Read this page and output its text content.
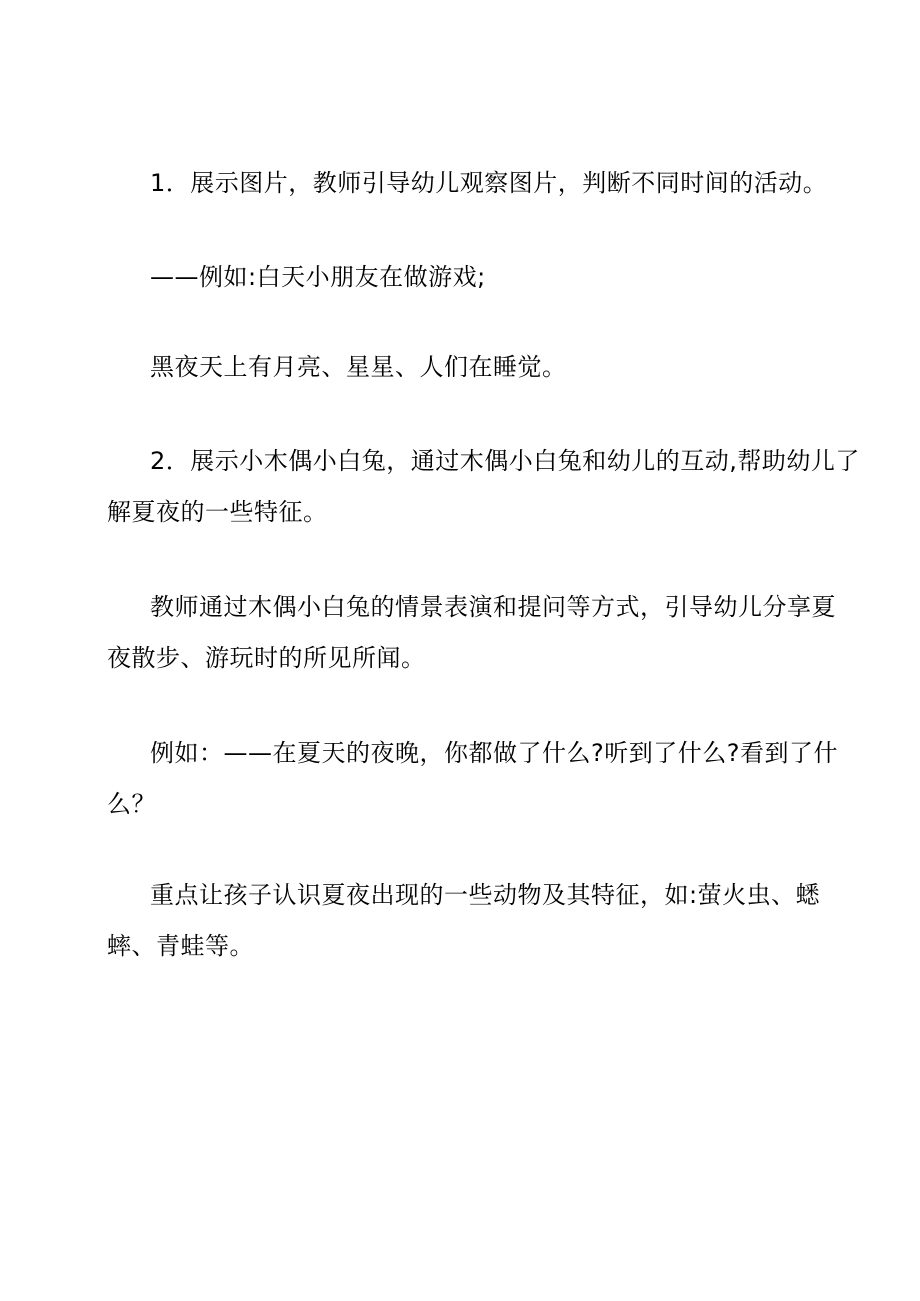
1．展示图片，教师引导幼儿观察图片，判断不同时间的活动。
——例如:白天小朋友在做游戏;
黑夜天上有月亮、星星、人们在睡觉。
2．展示小木偶小白兔，通过木偶小白兔和幼儿的互动,帮助幼儿了
解夏夜的一些特征。
教师通过木偶小白兔的情景表演和提问等方式，引导幼儿分享夏
夜散步、游玩时的所见所闻。
例如：——在夏天的夜晚，你都做了什么?听到了什么?看到了什
么？
重点让孩子认识夏夜出现的一些动物及其特征，如:萤火虫、蟋
蟀、青蛙等。
